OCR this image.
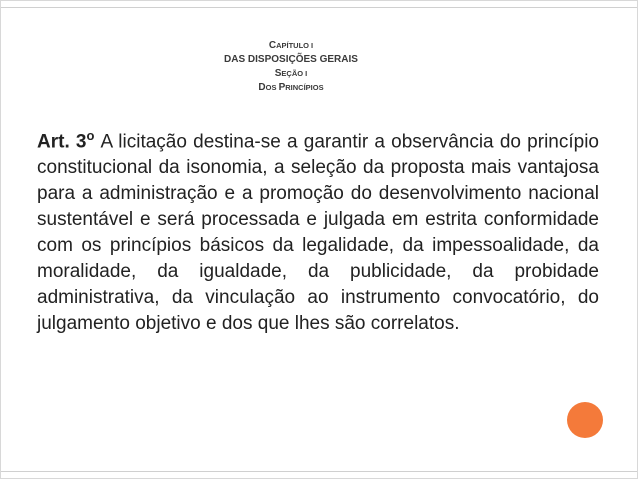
CAPÍTULO I
DAS DISPOSIÇÕES GERAIS
SEÇÃO I
DOS PRINCÍPIOS
Art. 3$^o$ A licitação destina-se a garantir a observância do princípio constitucional da isonomia, a seleção da proposta mais vantajosa para a administração e a promoção do desenvolvimento nacional sustentável e será processada e julgada em estrita conformidade com os princípios básicos da legalidade, da impessoalidade, da moralidade, da igualdade, da publicidade, da probidade administrativa, da vinculação ao instrumento convocatório, do julgamento objetivo e dos que lhes são correlatos.
